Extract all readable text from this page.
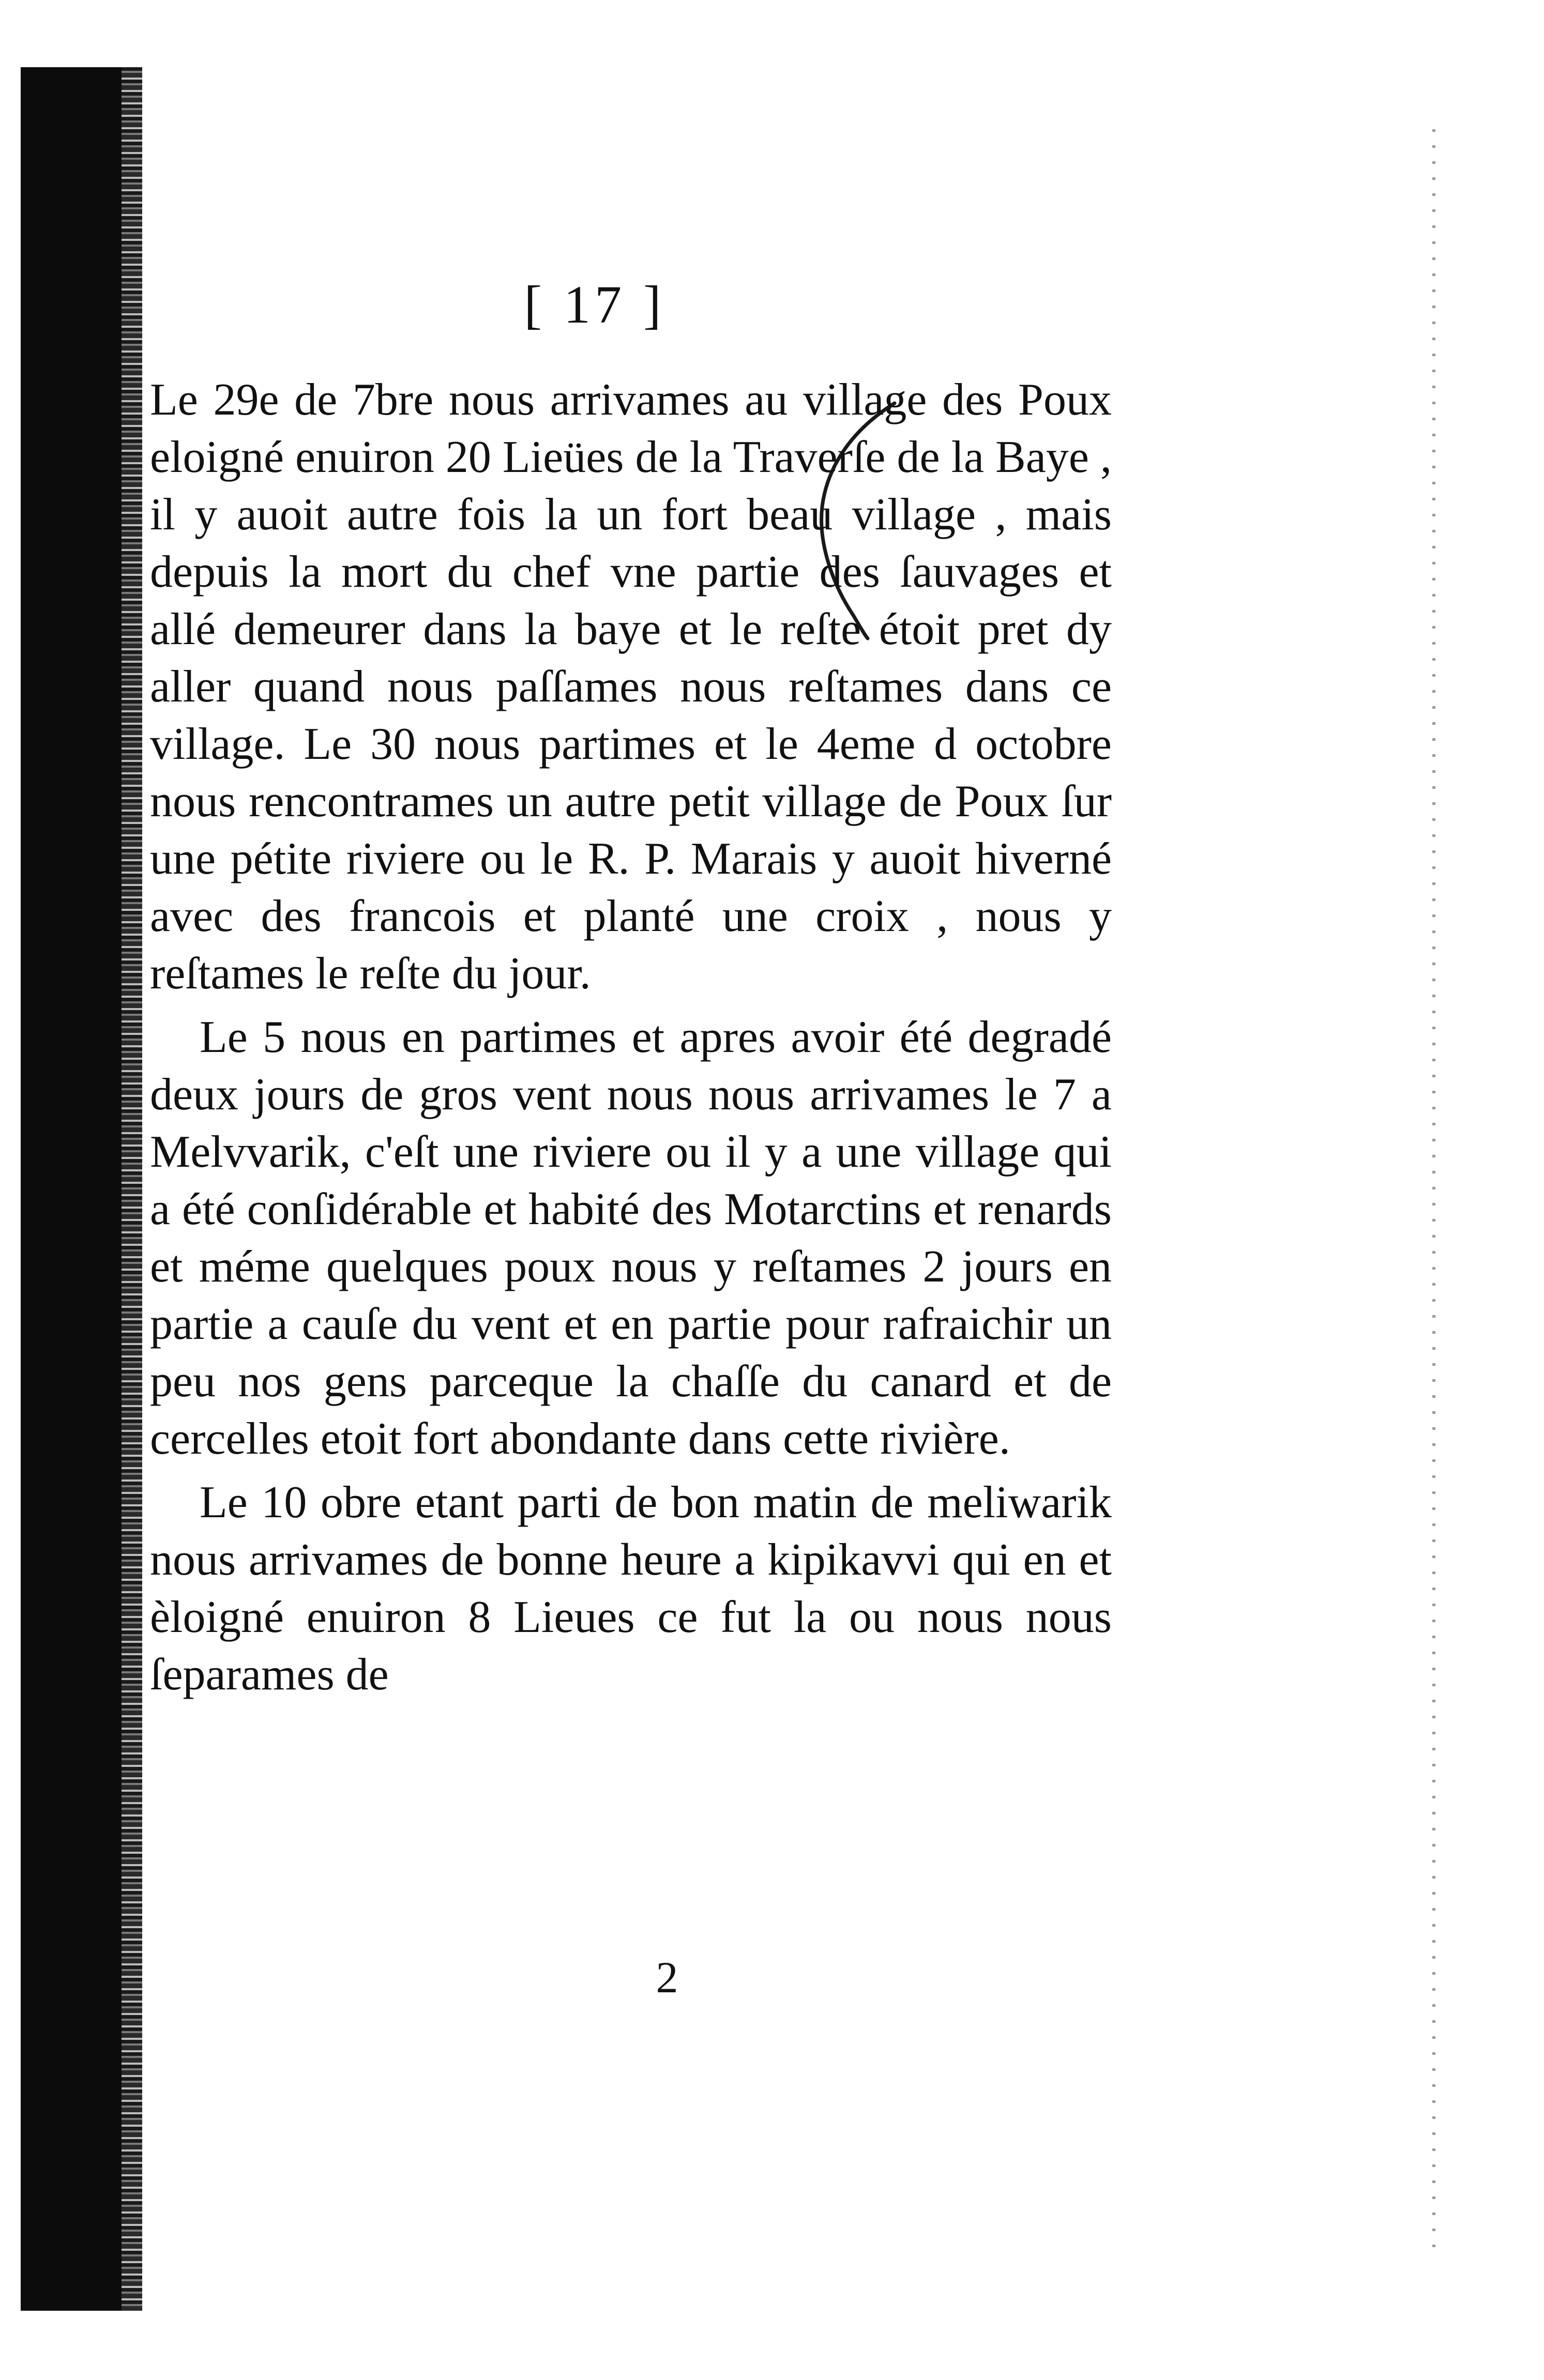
[ 17 ]

Le 29e de 7bre nous arrivames au village des Poux eloigné enuiron 20 Lieües de la Traverſe de la Baye , il y auoit autre fois la un fort beau village , mais depuis la mort du chef vne partie des ſauvages et allé demeurer dans la baye et le reſte étoit pret dy aller quand nous paſſames nous reſtames dans ce village. Le 30 nous partimes et le 4eme d octobre nous rencontrames un autre petit village de Poux ſur une pétite riviere ou le R. P. Marais y auoit hiverné avec des francois et planté une croix , nous y reſtames le reſte du jour.

Le 5 nous en partimes et apres avoir été degradé deux jours de gros vent nous nous arrivames le 7 a Melvvarik, c'eſt une riviere ou il y a une village qui a été conſidérable et habité des Motarctins et renards et méme quelques poux nous y reſtames 2 jours en partie a cauſe du vent et en partie pour rafraichir un peu nos gens parceque la chaſſe du canard et de cercelles etoit fort abondante dans cette rivière.

Le 10 obre etant parti de bon matin de meliwarik nous arrivames de bonne heure a kipikavvi qui en et èloigné enuiron 8 Lieues ce fut la ou nous nous ſeparames de

2
